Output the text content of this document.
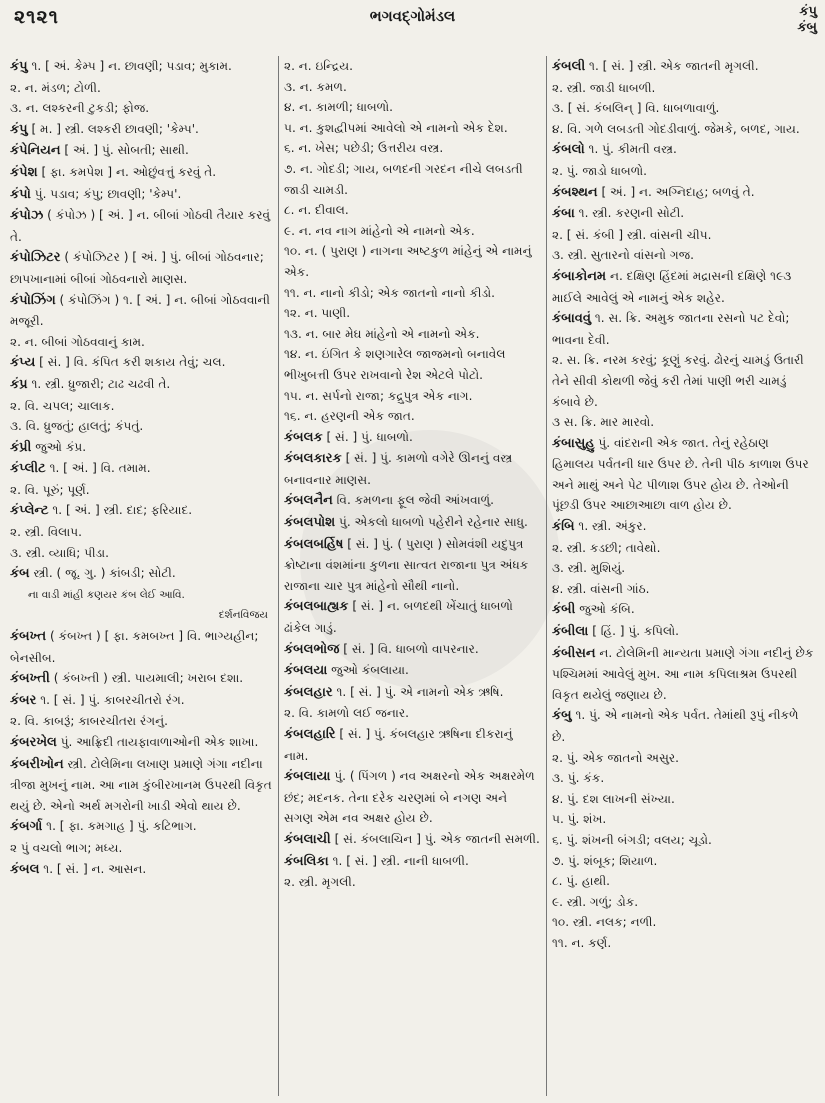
૨૧૨૧	ભગવદ્ગોમંડલ	કંપુ
કંબુ

કંપુ ૧. [ અં. કેમ્પ ] ન. છાવણી; પડાવ; મુકામ.

૨. ન. મંડળ; ટોળી.

૩. ન. લશ્કરની ટુકડી; ફોજ.

કંપુ [ મ. ] સ્ત્રી. લશ્કરી છાવણી; 'કેમ્પ'.

કંપેનિયન [ અં. ] પું. સોબતી; સાથી.

કંપેશ [ ફા. કમપેશ ] ન. ઓછુંવત્તું કરવું તે.

કંપો પું. પડાવ; કંપુ; છાવણી; 'કેમ્પ'.

કંપોઝ ( કંપોઝ ) [ અં. ] ન. બીબાં ગોઠવી તૈયાર કરવું તે.

કંપોઝિટર ( કંપોઝિટર ) [ અં. ] પું. બીબાં ગોઠવનાર; છાપખાનામાં બીબાં ગોઠવનારો માણસ.

કંપોઝિંગ ( કંપોઝિંગ ) ૧. [ અં. ] ન. બીબાં ગોઠવવાની મજૂરી.

૨. ન. બીબાં ગોઠવવાનું કામ.

કંપ્ય [ સં. ] વિ. કંપિત કરી શકાય તેવું; ચલ.

કંપ્ર ૧. સ્ત્રી. ધ્રુજારી; ટાઢ ચઢવી તે.

૨. વિ. ચપલ; ચાલાક.

૩. વિ. ધ્રુજતું; હાલતું; કંપતું.

કંપ્રી જુઓ કંપ્ર.

કંપ્લીટ ૧. [ અં. ] વિ. તમામ.

૨. વિ. પૂરું; પૂર્ણ.

કંપ્લેન્ટ ૧. [ અં. ] સ્ત્રી. દાદ; ફરિયાદ.

૨. સ્ત્રી. વિલાપ.

૩. સ્ત્રી. વ્યાધિ; પીડા.

કંબ સ્ત્રી. ( જૂ. ગુ. ) કાંબડી; સોટી.

ના વાડી માંહી કણયર કંબ લેઈ આવિ.

દર્શનવિજય

કંબખ્ત ( કંબખ્ત ) [ ફા. કમબખ્ત ] વિ. ભાગ્યહીન; બેનસીબ.

કંબખ્તી ( કંબખ્તી ) સ્ત્રી. પાયમાલી; ખરાબ દશા.

કંબર ૧. [ સં. ] પું. કાબરચીતરો રંગ.

૨. વિ. કાબરૂં; કાબરચીતરા રંગનું.

કંબરખેલ પું. આફ્રિદી તાયફાવાળાઓની એક શાખા.

કંબરીખોન સ્ત્રી. ટોલેમિના લખાણ પ્રમાણે ગંગા નદીના ત્રીજા મુખનું નામ. આ નામ કુંબીરખાનમ ઉપરથી વિકૃત થયું છે. એનો અર્થ મગરોની ખાડી એવો થાય છે.

કંબર્ગા ૧. [ ફા. કમગાહ ] પું. કટિભાગ.

૨ પું વચલો ભાગ; મધ્ય.

કંબલ ૧. [ સં. ] ન. આસન.

૨. ન. ઇન્દ્રિય.

૩. ન. કમળ.

૪. ન. કામળી; ધાબળો.

૫. ન. કુશદ્વીપમાં આવેલો એ નામનો એક દેશ.

૬. ન. ખેસ; પછેડી; ઉત્તરીય વસ્ત્ર.

૭. ન. ગોદડી; ગાય, બળદની ગરદન નીચે લબડતી જાડી ચામડી.

૮. ન. દીવાલ.

૯. ન. નવ નાગ માંહેનો એ નામનો એક.

૧૦. ન. ( પુરાણ ) નાગના અષ્ટકુળ માંહેનું એ નામનું એક.

૧૧. ન. નાનો કીડો; એક જાતનો નાનો કીડો.

૧૨. ન. પાણી.

૧૩. ન. બાર મેઘ માંહેનો એ નામનો એક.

૧૪. ન. ઇંગિત કે શણગારેલ જાજમનો બનાવેલ ભીખુબત્તી ઉપર રાખવાનો રેશ એટલે પોટો.

૧૫. ન. સર્પનો રાજા; કદ્રુપુત્ર એક નાગ.

૧૬. ન. હરણની એક જાત.

કંબલક [ સં. ] પું. ધાબળો.

કંબલકારક [ સં. ] પું. કામળો વગેરે ઊનનું વસ્ત્ર બનાવનાર માણસ.

કંબલનૈન વિ. કમળના ફૂલ જેવી આંખવાળું.

કંબલપોશ પું. એકલો ધાબળો પહેરીને રહેનાર સાધુ.

કંબલબર્હિષ [ સં. ] પું. ( પુરાણ ) સોમવંશી યદુપુત્ર ક્રોષ્ટાના વંશમાંના કુળના સાત્વત રાજાના પુત્ર અંધક રાજાના ચાર પુત્ર માંહેનો સૌથી નાનો.

કંબલબાહ્યક [ સં. ] ન. બળદથી ખેંચાતું ધાબળો ઢાંકેલ ગાડું.

કંબલભોજ [ સં. ] વિ. ધાબળો વાપરનાર.

કંબલયા જુઓ કંબલાયા.

કંબલહાર ૧. [ સં. ] પું. એ નામનો એક ઋષિ.

૨. વિ. કામળો લઈ જનાર.

કંબલહારિ [ સં. ] પું. કંબલહાર ઋષિના દીકરાનું નામ.

કંબલાયા પું. ( પિંગળ ) નવ અક્ષરનો એક અક્ષરમેળ છંદ; મદનક. તેના દરેક ચરણમાં બે નગણ અને સગણ એમ નવ અક્ષર હોય છે.

કંબલાચી [ સં. કંબલાચિન ] પું. એક જાતની સમળી.

કંબલિકા ૧. [ સં. ] સ્ત્રી. નાની ધાબળી.

૨. સ્ત્રી. મૃગલી.

કંબલી ૧. [ સં. ] સ્ત્રી. એક જાતની મૃગલી.

૨. સ્ત્રી. જાડી ધાબળી.

૩. [ સં. કંબલિન્ ] વિ. ધાબળાવાળું.

૪. વિ. ગળે લબડતી ગોદડીવાળું. જેમકે, બળદ, ગાય.

કંબલો ૧. પું. કીમતી વસ્ત્ર.

૨. પું. જાડો ધાબળો.

કંબશ્થન [ અં. ] ન. અગ્નિદાહ; બળવું તે.

કંબા ૧. સ્ત્રી. કરણની સોટી.

૨. [ સં. કંબી ] સ્ત્રી. વાંસની ચીપ.

૩. સ્ત્રી. સુતારનો વાંસનો ગજ.

કંબાકોનમ ન. દક્ષિણ હિંદમાં મદ્રાસની દક્ષિણે ૧૯૩ માઈલે આવેલું એ નામનું એક શહેર.

કંબાવવું ૧. સ. ક્રિ. અમુક જાતના રસનો પટ દેવો; ભાવના દેવી.

૨. સ. ક્રિ. નરમ કરવું; કૂણું કરવું. ઢોરનું ચામડું ઉતારી તેને સીવી કોથળી જેવું કરી તેમાં પાણી ભરી ચામડું કંબાવે છે.

૩ સ. ક્રિ. માર મારવો.

કંબાસુહુ પું. વાંદરાની એક જાત. તેનું રહેઠાણ હિમાલય પર્વતની ધાર ઉપર છે. તેની પીઠ કાળાશ ઉપર અને માથું અને પેટ પીળાશ ઉપર હોય છે. તેઓની પૂંછડી ઉપર આછાઆછા વાળ હોય છે.

કંબિ ૧. સ્ત્રી. અંકુર.

૨. સ્ત્રી. કડછી; તાવેથો.

૩. સ્ત્રી. મુશિયું.

૪. સ્ત્રી. વાંસની ગાંઠ.

કંબી જુઓ કંબિ.

કંબીલા [ હિં. ] પું. કપિલો.

કંબીસન ન. ટોલેમિની માન્યતા પ્રમાણે ગંગા નદીનું છેક પશ્ચિમમાં આવેલું મુખ. આ નામ કપિલાશ્રમ ઉપરથી વિકૃત થયેલું જણાય છે.

કંબુ ૧. પું. એ નામનો એક પર્વત. તેમાંથી રૂપું નીકળે છે.

૨. પું. એક જાતનો અસુર.

૩. પું. કંક.

૪. પું. દશ લાખની સંખ્યા.

૫. પું. શંખ.

૬. પું. શંખની બંગડી; વલય; ચૂડો.

૭. પું. શંબૂક; શિયાળ.

૮. પું. હાથી.

૯. સ્ત્રી. ગળું; ડોક.

૧૦. સ્ત્રી. નલક; નળી.

૧૧. ન. કર્ણ.
